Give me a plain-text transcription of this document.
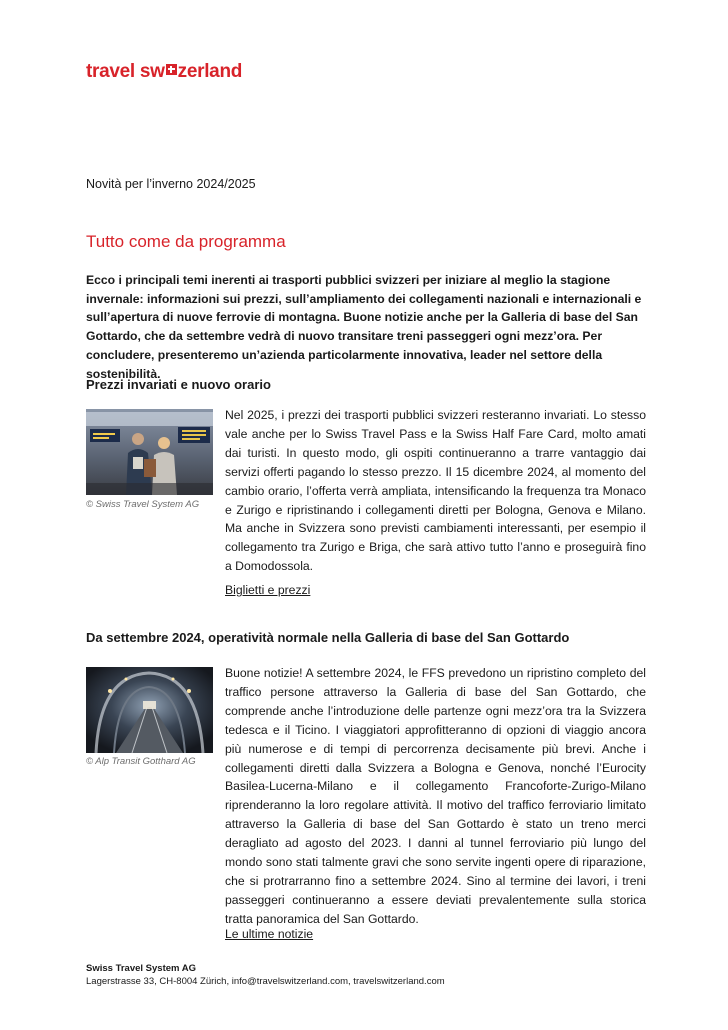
travel sw zerland
Novità per l’inverno 2024/2025
Tutto come da programma

Ecco i principali temi inerenti ai trasporti pubblici svizzeri per iniziare al meglio la stagione invernale: informazioni sui prezzi, sull’ampliamento dei collegamenti nazionali e internazionali e sull’apertura di nuove ferrovie di montagna. Buone notizie anche per la Galleria di base del San Gottardo, che da settembre vedrà di nuovo transitare treni passeggeri ogni mezz’ora. Per concludere, presenteremo un’azienda particolarmente innovativa, leader nel settore della sostenibilità.

Prezzi invariati e nuovo orario
© Swiss Travel System AG

Nel 2025, i prezzi dei trasporti pubblici svizzeri resteranno invariati. Lo stesso vale anche per lo Swiss Travel Pass e la Swiss Half Fare Card, molto amati dai turisti. In questo modo, gli ospiti continueranno a trarre vantaggio dai servizi offerti pagando lo stesso prezzo. Il 15 dicembre 2024, al momento del cambio orario, l’offerta verrà ampliata, intensificando la frequenza tra Monaco e Zurigo e ripristinando i collegamenti diretti per Bologna, Genova e Milano. Ma anche in Svizzera sono previsti cambiamenti interessanti, per esempio il collegamento tra Zurigo e Briga, che sarà attivo tutto l’anno e proseguirà fino a Domodossola.

Biglietti e prezzi
Da settembre 2024, operatività normale nella Galleria di base del San Gottardo
© Alp Transit Gotthard AG

Buone notizie! A settembre 2024, le FFS prevedono un ripristino completo del traffico persone attraverso la Galleria di base del San Gottardo, che comprende anche l’introduzione delle partenze ogni mezz’ora tra la Svizzera tedesca e il Ticino. I viaggiatori approfitteranno di opzioni di viaggio ancora più numerose e di tempi di percorrenza decisamente più brevi. Anche i collegamenti diretti dalla Svizzera a Bologna e Genova, nonché l’Eurocity Basilea-Lucerna-Milano e il collegamento Francoforte-Zurigo-Milano riprenderanno la loro regolare attività. Il motivo del traffico ferroviario limitato attraverso la Galleria di base del San Gottardo è stato un treno merci deragliato ad agosto del 2023. I danni al tunnel ferroviario più lungo del mondo sono stati talmente gravi che sono servite ingenti opere di riparazione, che si protrarranno fino a settembre 2024. Sino al termine dei lavori, i treni passeggeri continueranno a essere deviati prevalentemente sulla storica tratta panoramica del San Gottardo.

Le ultime notizie
Swiss Travel System AG
Lagerstrasse 33, CH-8004 Zürich, info@travelswitzerland.com, travelswitzerland.com
